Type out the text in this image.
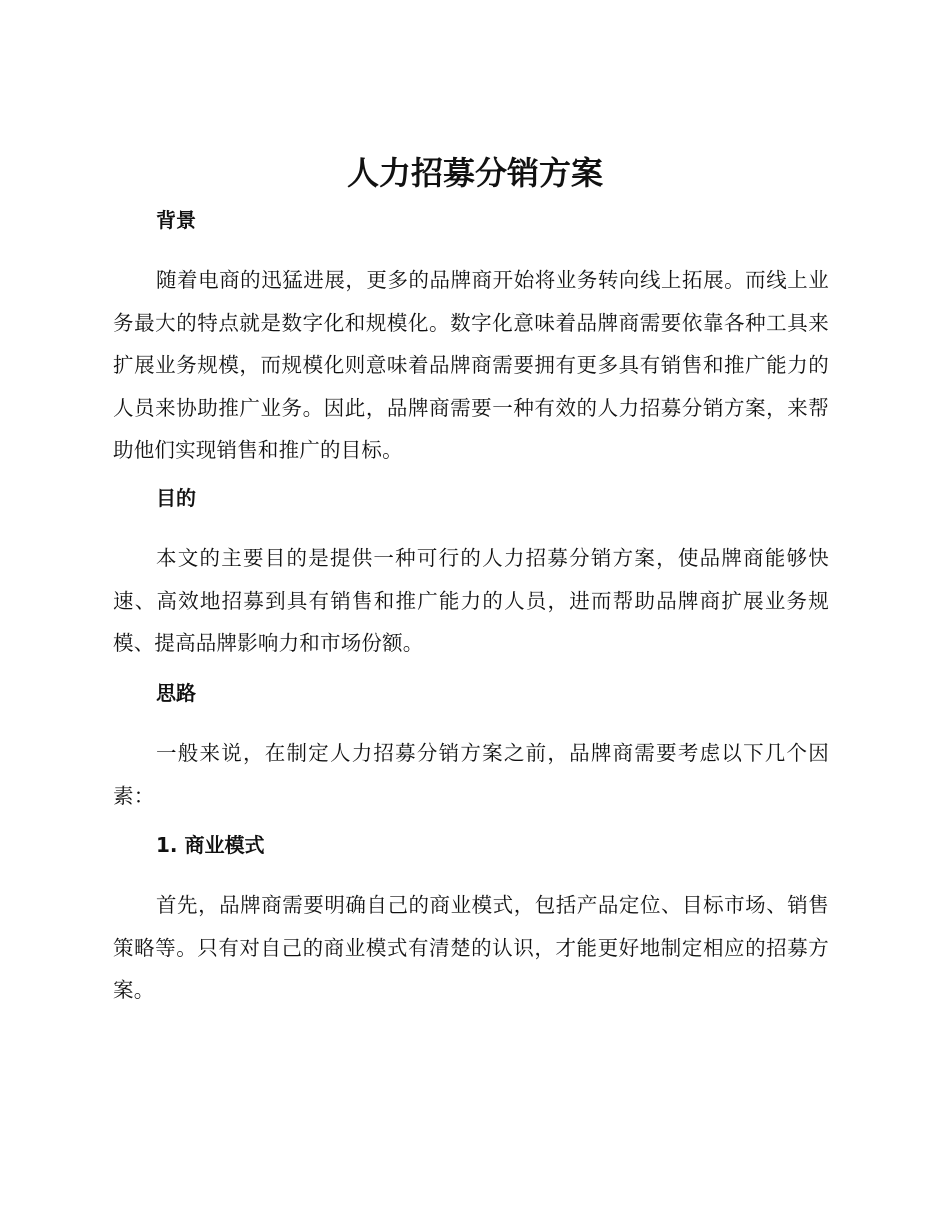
人力招募分销方案
背景

随着电商的迅猛进展，更多的品牌商开始将业务转向线上拓展。而线上业务最大的特点就是数字化和规模化。数字化意味着品牌商需要依靠各种工具来扩展业务规模，而规模化则意味着品牌商需要拥有更多具有销售和推广能力的人员来协助推广业务。因此，品牌商需要一种有效的人力招募分销方案，来帮助他们实现销售和推广的目标。

目的

本文的主要目的是提供一种可行的人力招募分销方案，使品牌商能够快速、高效地招募到具有销售和推广能力的人员，进而帮助品牌商扩展业务规模、提高品牌影响力和市场份额。

思路

一般来说，在制定人力招募分销方案之前，品牌商需要考虑以下几个因素：

1. 商业模式

首先，品牌商需要明确自己的商业模式，包括产品定位、目标市场、销售策略等。只有对自己的商业模式有清楚的认识，才能更好地制定相应的招募方案。
